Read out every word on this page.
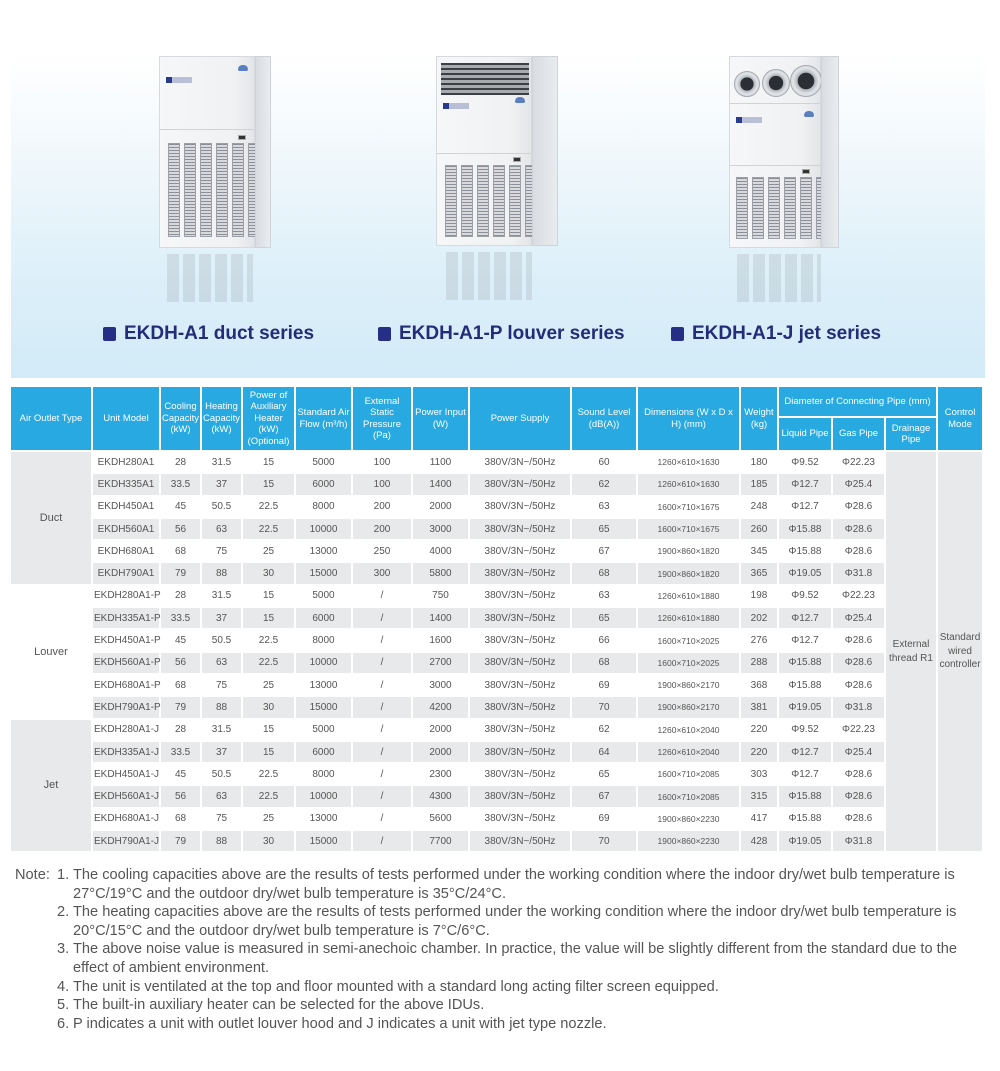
EKDH-A1 duct series	EKDH-A1-P louver series	EKDH-A1-J jet series
Air Outlet Type	Unit Model	Cooling Capacity (kW)	Heating Capacity (kW)	Power of Auxiliary Heater (kW) (Optional)	Standard Air Flow (m³/h)	External Static Pressure (Pa)	Power Input (W)	Power Supply	Sound Level (dB(A))	Dimensions (W x D x H) (mm)	Weight (kg)	Diameter of Connecting Pipe (mm)			Control Mode
												Liquid Pipe	Gas Pipe	Drainage Pipe	
Duct	EKDH280A1	28	31.5	15	5000	100	1100	380V/3N~/50Hz	60	1260×610×1630	180	Φ9.52	Φ22.23	External thread R1	Standard wired controller
	EKDH335A1	33.5	37	15	6000	100	1400	380V/3N~/50Hz	62	1260×610×1630	185	Φ12.7	Φ25.4		
	EKDH450A1	45	50.5	22.5	8000	200	2000	380V/3N~/50Hz	63	1600×710×1675	248	Φ12.7	Φ28.6		
	EKDH560A1	56	63	22.5	10000	200	3000	380V/3N~/50Hz	65	1600×710×1675	260	Φ15.88	Φ28.6		
	EKDH680A1	68	75	25	13000	250	4000	380V/3N~/50Hz	67	1900×860×1820	345	Φ15.88	Φ28.6		
	EKDH790A1	79	88	30	15000	300	5800	380V/3N~/50Hz	68	1900×860×1820	365	Φ19.05	Φ31.8		
Louver	EKDH280A1-P	28	31.5	15	5000	/	750	380V/3N~/50Hz	63	1260×610×1880	198	Φ9.52	Φ22.23		
	EKDH335A1-P	33.5	37	15	6000	/	1400	380V/3N~/50Hz	65	1260×610×1880	202	Φ12.7	Φ25.4		
	EKDH450A1-P	45	50.5	22.5	8000	/	1600	380V/3N~/50Hz	66	1600×710×2025	276	Φ12.7	Φ28.6		
	EKDH560A1-P	56	63	22.5	10000	/	2700	380V/3N~/50Hz	68	1600×710×2025	288	Φ15.88	Φ28.6		
	EKDH680A1-P	68	75	25	13000	/	3000	380V/3N~/50Hz	69	1900×860×2170	368	Φ15.88	Φ28.6		
	EKDH790A1-P	79	88	30	15000	/	4200	380V/3N~/50Hz	70	1900×860×2170	381	Φ19.05	Φ31.8		
Jet	EKDH280A1-J	28	31.5	15	5000	/	2000	380V/3N~/50Hz	62	1260×610×2040	220	Φ9.52	Φ22.23		
	EKDH335A1-J	33.5	37	15	6000	/	2000	380V/3N~/50Hz	64	1260×610×2040	220	Φ12.7	Φ25.4		
	EKDH450A1-J	45	50.5	22.5	8000	/	2300	380V/3N~/50Hz	65	1600×710×2085	303	Φ12.7	Φ28.6		
	EKDH560A1-J	56	63	22.5	10000	/	4300	380V/3N~/50Hz	67	1600×710×2085	315	Φ15.88	Φ28.6		
	EKDH680A1-J	68	75	25	13000	/	5600	380V/3N~/50Hz	69	1900×860×2230	417	Φ15.88	Φ28.6		
	EKDH790A1-J	79	88	30	15000	/	7700	380V/3N~/50Hz	70	1900×860×2230	428	Φ19.05	Φ31.8		
Note: 1. The cooling capacities above are the results of tests performed under the working condition where the indoor dry/wet bulb temperature is 27°C/19°C and the outdoor dry/wet bulb temperature is 35°C/24°C.
2. The heating capacities above are the results of tests performed under the working condition where the indoor dry/wet bulb temperature is 20°C/15°C and the outdoor dry/wet bulb temperature is 7°C/6°C.
3. The above noise value is measured in semi-anechoic chamber. In practice, the value will be slightly different from the standard due to the effect of ambient environment.
4. The unit is ventilated at the top and floor mounted with a standard long acting filter screen equipped.
5. The built-in auxiliary heater can be selected for the above IDUs.
6. P indicates a unit with outlet louver hood and J indicates a unit with jet type nozzle.
